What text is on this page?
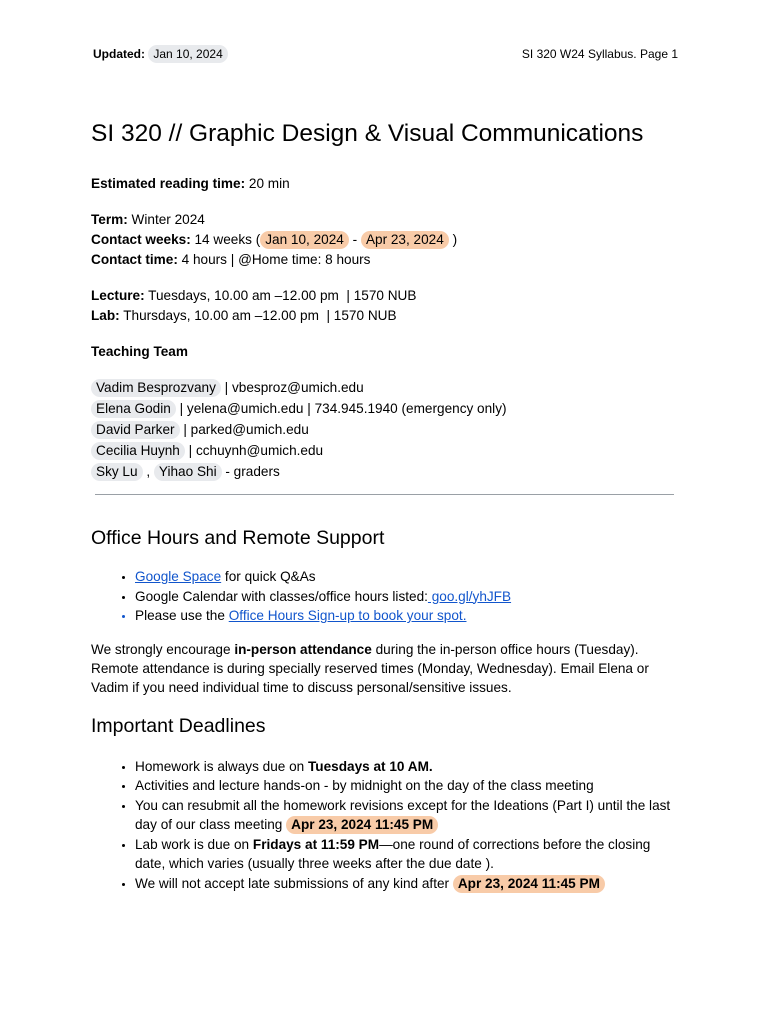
Updated: Jan 10, 2024	SI 320 W24 Syllabus. Page 1
SI 320 // Graphic Design & Visual Communications

Estimated reading time: 20 min

Term: Winter 2024

Contact weeks: 14 weeks ( Jan 10, 2024 - Apr 23, 2024 )

Contact time: 4 hours | @Home time: 8 hours

Lecture: Tuesdays, 10.00 am –12.00 pm  | 1570 NUB

Lab: Thursdays, 10.00 am –12.00 pm  | 1570 NUB

Teaching Team

Vadim Besprozvany | vbesproz@umich.edu

Elena Godin | yelena@umich.edu | 734.945.1940 (emergency only)

David Parker | parked@umich.edu

Cecilia Huynh | cchuynh@umich.edu

Sky Lu , Yihao Shi - graders

Office Hours and Remote Support
• Google Space for quick Q&As
• Google Calendar with classes/office hours listed: goo.gl/yhJFB
• Please use the Office Hours Sign-up to book your spot.

We strongly encourage in-person attendance during the in-person office hours (Tuesday). Remote attendance is during specially reserved times (Monday, Wednesday). Email Elena or Vadim if you need individual time to discuss personal/sensitive issues.

Important Deadlines
• Homework is always due on Tuesdays at 10 AM.
• Activities and lecture hands-on - by midnight on the day of the class meeting
• You can resubmit all the homework revisions except for the Ideations (Part I) until the last day of our class meeting Apr 23, 2024 11:45 PM
• Lab work is due on Fridays at 11:59 PM—one round of corrections before the closing date, which varies (usually three weeks after the due date ).
• We will not accept late submissions of any kind after Apr 23, 2024 11:45 PM
